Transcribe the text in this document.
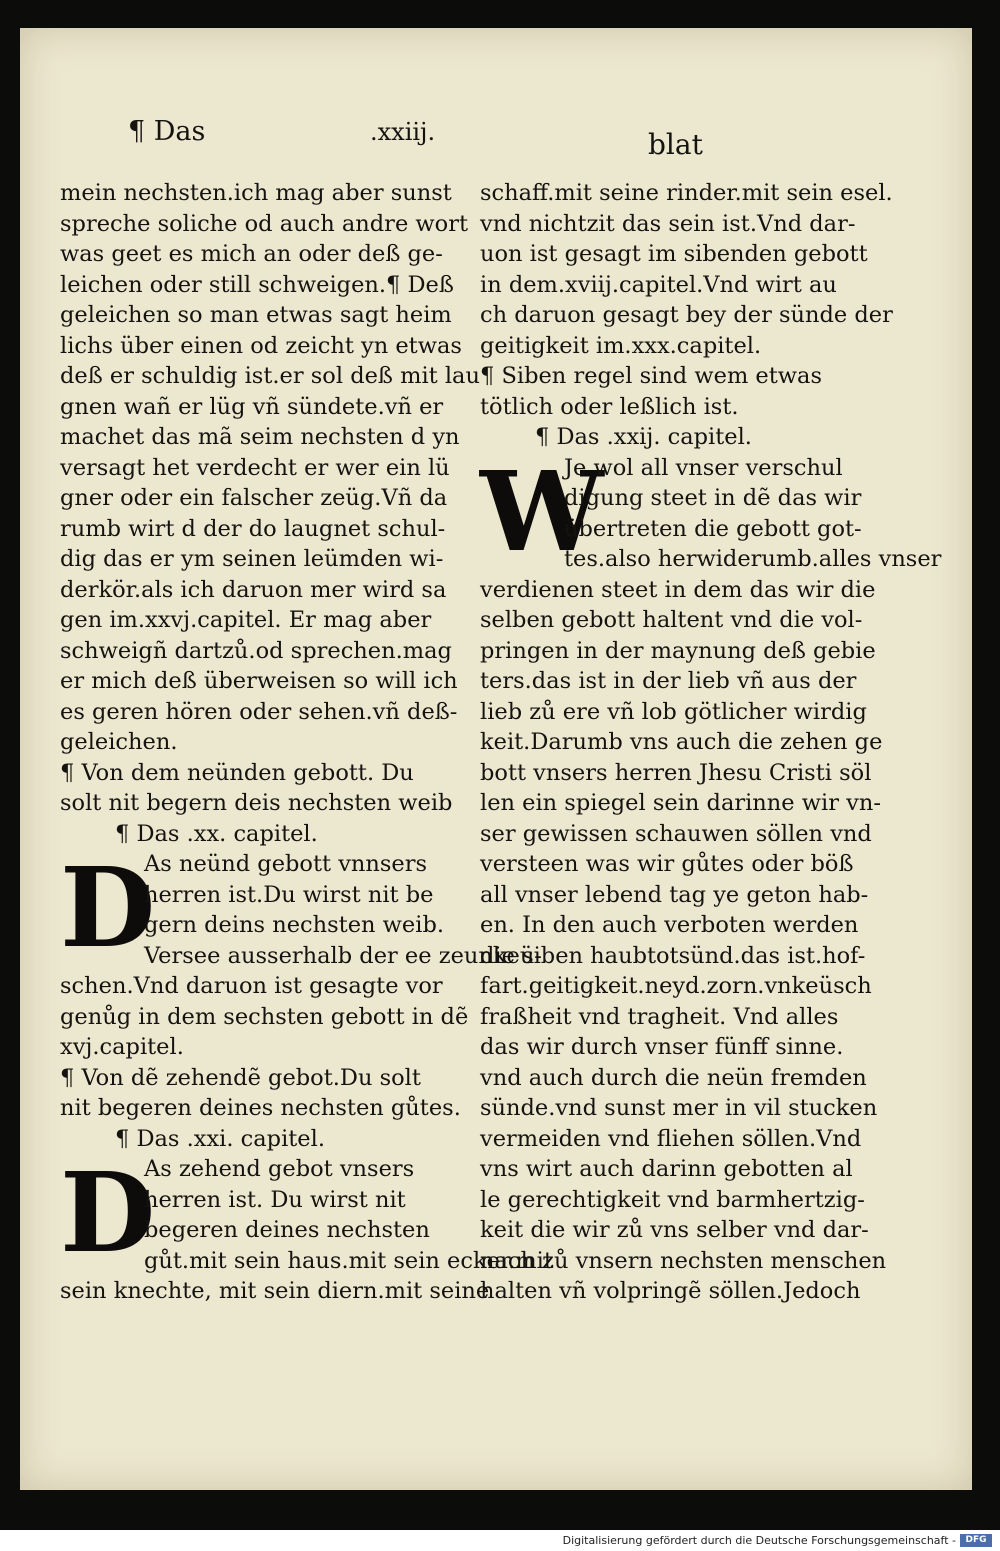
¶ Das	.xxiij.	blat
mein nechsten.ich mag aber sunst
spreche soliche od auch andre wort
was geet es mich an oder deß ge-
leichen oder still schweigen.¶ Deß
geleichen so man etwas sagt heim
lichs über einen od zeicht yn etwas
deß er schuldig ist.er sol deß mit lau
gnen wañ er lüg vñ sündete.vñ er
machet das mã seim nechsten d yn
versagt het verdecht er wer ein lü
gner oder ein falscher zeüg.Vñ da
rumb wirt d der do laugnet schul-
dig das er ym seinen leümden wi-
derkör.als ich daruon mer wird sa
gen im.xxvj.capitel. Er mag aber
schweigñ dartzů.od sprechen.mag
er mich deß überweisen so will ich
es geren hören oder sehen.vñ deß-
geleichen.
¶ Von dem neünden gebott. Du
solt nit begern deis nechsten weib
¶ Das .xx. capitel.
D
As neünd gebott vnnsers
herren ist.Du wirst nit be
gern deins nechsten weib.
Versee ausserhalb der ee zeunkeü-
schen.Vnd daruon ist gesagte vor
genůg in dem sechsten gebott in dẽ
xvj.capitel.
¶ Von dẽ zehendẽ gebot.Du solt
nit begeren deines nechsten gůtes.
¶ Das .xxi. capitel.
D
As zehend gebot vnsers
herren ist. Du wirst nit
begeren deines nechsten
gůt.mit sein haus.mit sein ecker.mit
sein knechte, mit sein diern.mit seine
schaff.mit seine rinder.mit sein esel.
vnd nichtzit das sein ist.Vnd dar-
uon ist gesagt im sibenden gebott
in dem.xviij.capitel.Vnd wirt au
ch daruon gesagt bey der sünde der
geitigkeit im.xxx.capitel.
¶ Siben regel sind wem etwas
tötlich oder leßlich ist.
¶ Das .xxij. capitel.
W
Je wol all vnser verschul
digung steet in dẽ das wir
übertreten die gebott got-
tes.also herwiderumb.alles vnser
verdienen steet in dem das wir die
selben gebott haltent vnd die vol-
pringen in der maynung deß gebie
ters.das ist in der lieb vñ aus der
lieb zů ere vñ lob götlicher wirdig
keit.Darumb vns auch die zehen ge
bott vnsers herren Jhesu Cristi söl
len ein spiegel sein darinne wir vn-
ser gewissen schauwen söllen vnd
versteen was wir gůtes oder böß
all vnser lebend tag ye geton hab-
en. In den auch verboten werden
die siben haubtotsünd.das ist.hof-
fart.geitigkeit.neyd.zorn.vnkeüsch
fraßheit vnd tragheit. Vnd alles
das wir durch vnser fünff sinne.
vnd auch durch die neün fremden
sünde.vnd sunst mer in vil stucken
vermeiden vnd fliehen söllen.Vnd
vns wirt auch darinn gebotten al
le gerechtigkeit vnd barmhertzig-
keit die wir zů vns selber vnd dar-
nach zů vnsern nechsten menschen
halten vñ volpringẽ söllen.Jedoch
Digitalisierung gefördert durch die Deutsche Forschungsgemeinschaft -	DFG
